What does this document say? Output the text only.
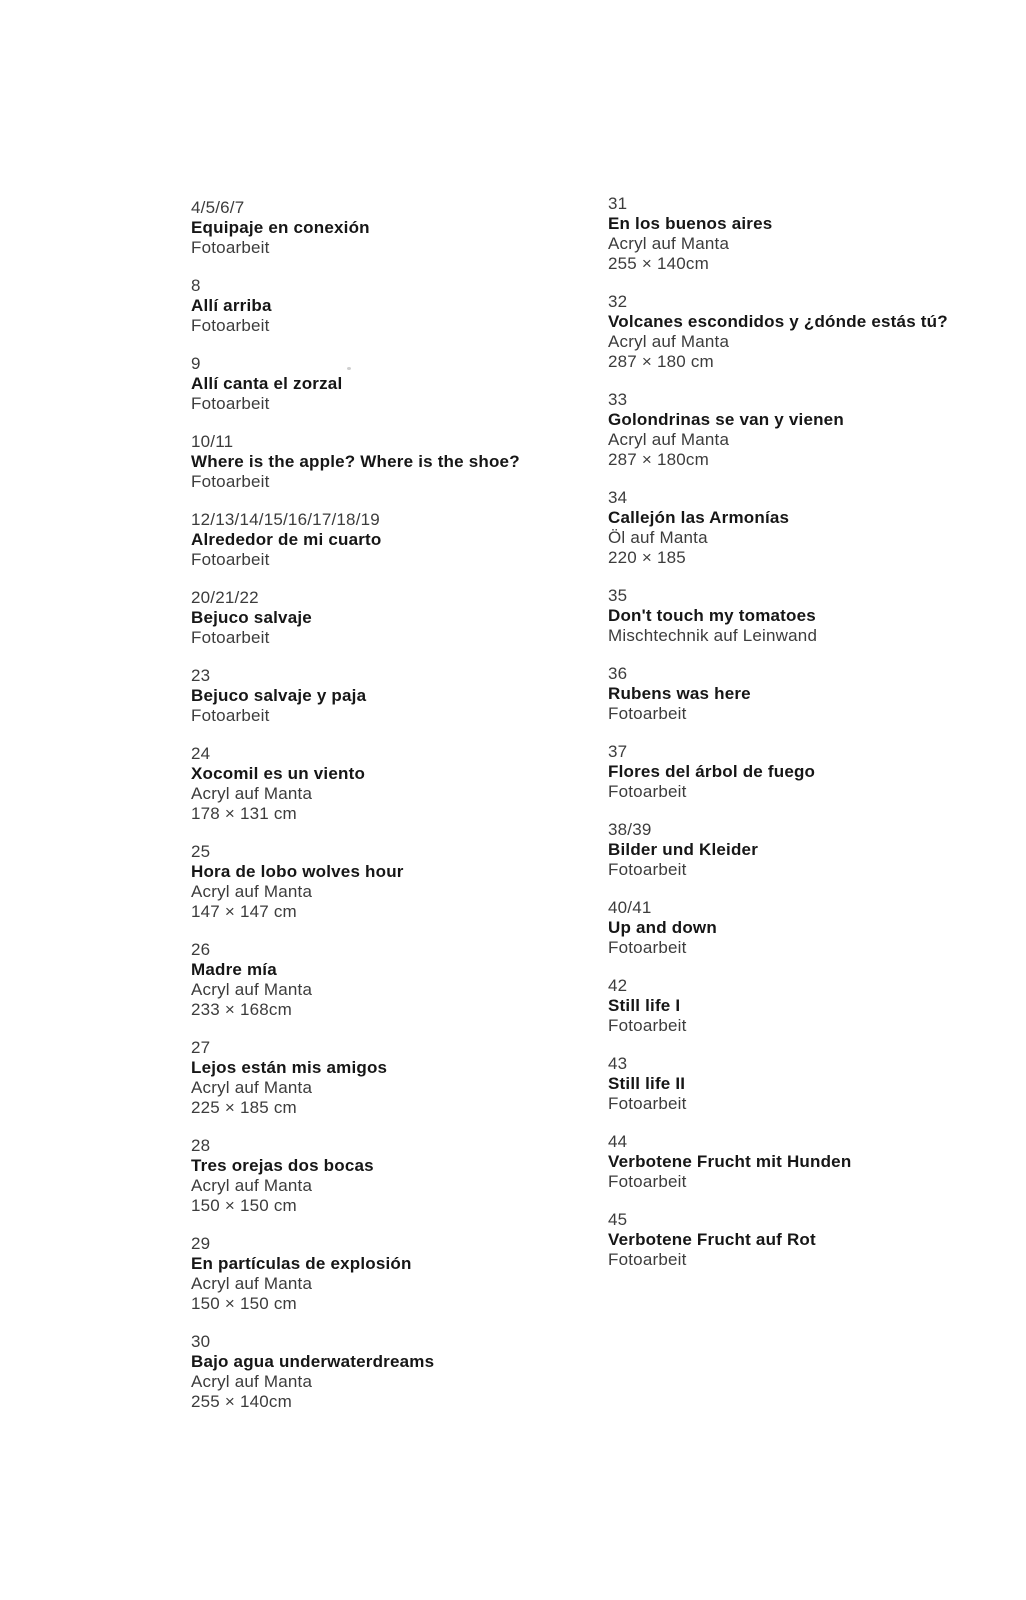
4/5/6/7
Equipaje en conexión
Fotoarbeit
8
Allí arriba
Fotoarbeit
9
Allí canta el zorzal
Fotoarbeit
10/11
Where is the apple? Where is the shoe?
Fotoarbeit
12/13/14/15/16/17/18/19
Alrededor de mi cuarto
Fotoarbeit
20/21/22
Bejuco salvaje
Fotoarbeit
23
Bejuco salvaje y paja
Fotoarbeit
24
Xocomil es un viento
Acryl auf Manta
178 × 131 cm
25
Hora de lobo wolves hour
Acryl auf Manta
147 × 147 cm
26
Madre mía
Acryl auf Manta
233 × 168cm
27
Lejos están mis amigos
Acryl auf Manta
225 × 185 cm
28
Tres orejas dos bocas
Acryl auf Manta
150 × 150 cm
29
En partículas de explosión
Acryl auf Manta
150 × 150 cm
30
Bajo agua underwaterdreams
Acryl auf Manta
255 × 140cm
31
En los buenos aires
Acryl auf Manta
255 × 140cm
32
Volcanes escondidos y ¿dónde estás tú?
Acryl auf Manta
287 × 180 cm
33
Golondrinas se van y vienen
Acryl auf Manta
287 × 180cm
34
Callejón las Armonías
Öl auf Manta
220 × 185
35
Don't touch my tomatoes
Mischtechnik auf Leinwand
36
Rubens was here
Fotoarbeit
37
Flores del árbol de fuego
Fotoarbeit
38/39
Bilder und Kleider
Fotoarbeit
40/41
Up and down
Fotoarbeit
42
Still life I
Fotoarbeit
43
Still life II
Fotoarbeit
44
Verbotene Frucht mit Hunden
Fotoarbeit
45
Verbotene Frucht auf Rot
Fotoarbeit
